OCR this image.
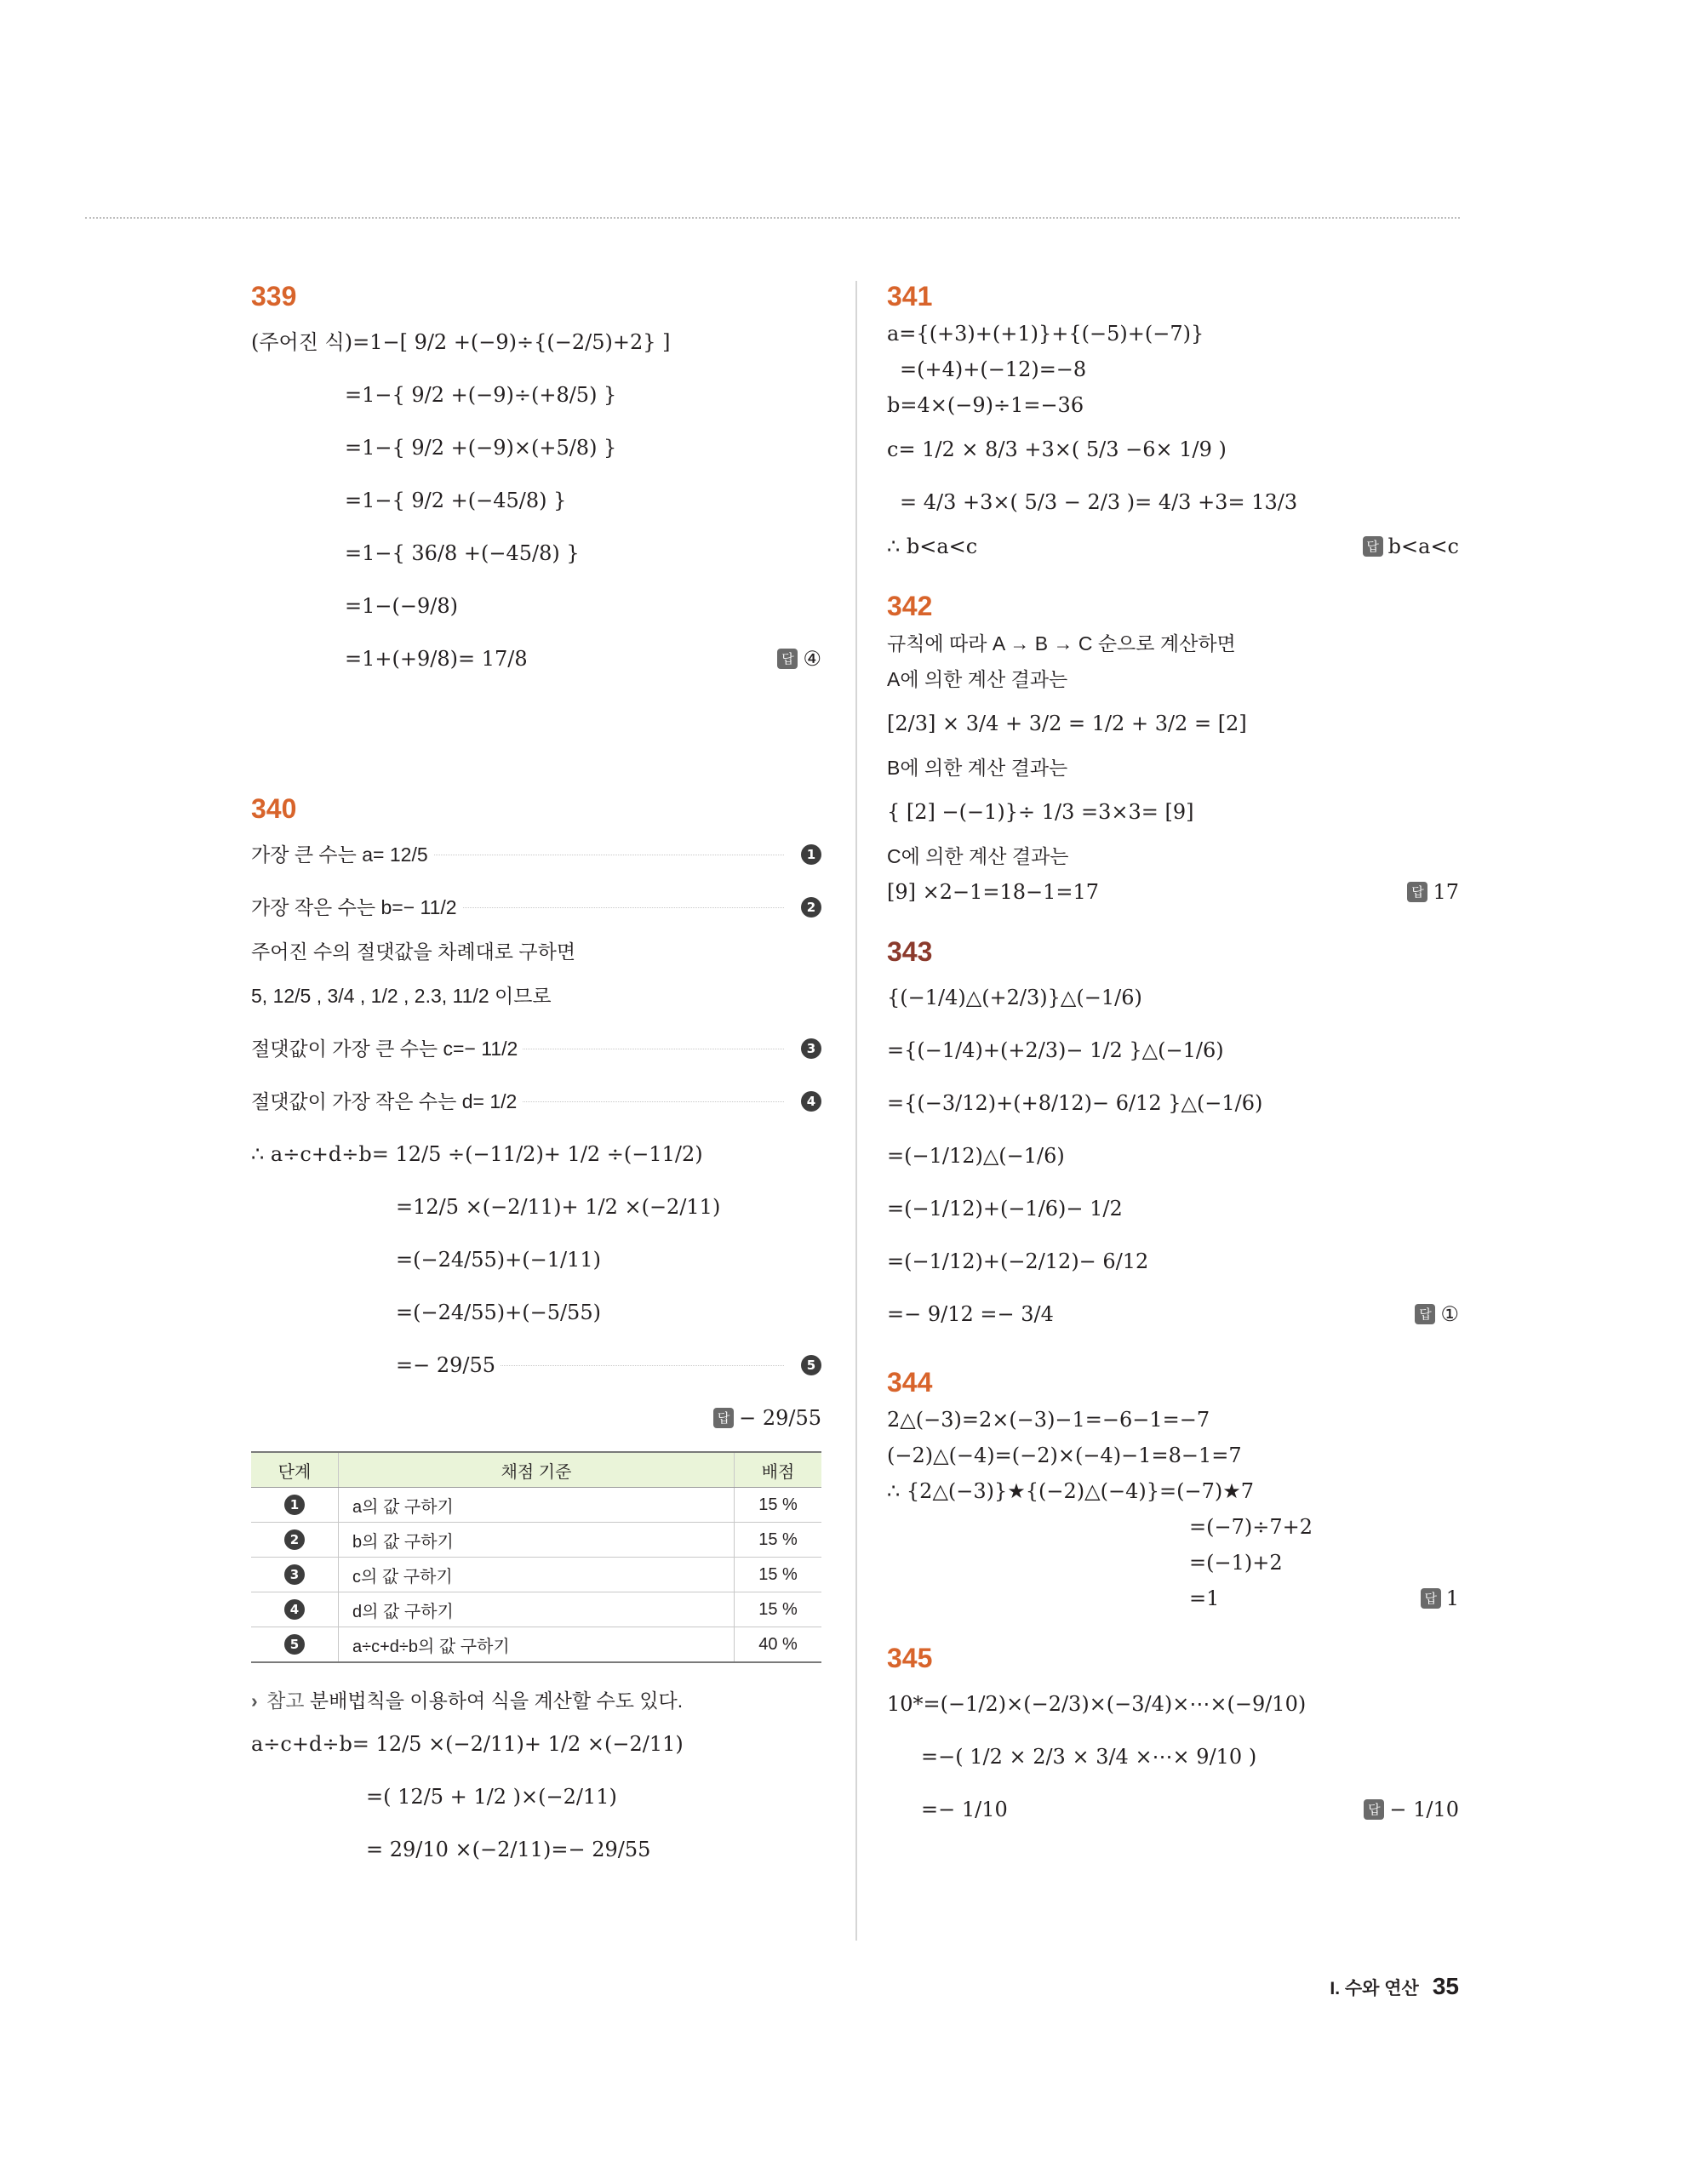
339
(주어진 식)=1−[ 9/2 +(−9)÷{(−2/5)+2} ]
=1−{ 9/2 +(−9)÷(+8/5) }
=1−{ 9/2 +(−9)×(+5/8) }
=1−{ 9/2 +(−45/8) }
=1−{ 36/8 +(−45/8) }
=1−(−9/8)
=1+(+9/8)= 17/8	답 ④
340
가장 큰 수는 a= 12/5	1
가장 작은 수는 b=− 11/2	2
주어진 수의 절댓값을 차례대로 구하면
5, 12/5 , 3/4 , 1/2 , 2.3, 11/2 이므로
절댓값이 가장 큰 수는 c=− 11/2	3
절댓값이 가장 작은 수는 d= 1/2	4
∴ a÷c+d÷b= 12/5 ÷(−11/2)+ 1/2 ÷(−11/2)
=12/5 ×(−2/11)+ 1/2 ×(−2/11)
=(−24/55)+(−1/11)
=(−24/55)+(−5/55)
=− 29/55	5
답 − 29/55
단계	채점 기준	배점
1	a의 값 구하기	15 %
2	b의 값 구하기	15 %
3	c의 값 구하기	15 %
4	d의 값 구하기	15 %
5	a÷c+d÷b의 값 구하기	40 %
› 참고 분배법칙을 이용하여 식을 계산할 수도 있다.
a÷c+d÷b= 12/5 ×(−2/11)+ 1/2 ×(−2/11)
=( 12/5 + 1/2 )×(−2/11)
= 29/10 ×(−2/11)=− 29/55
341
a={(+3)+(+1)}+{(−5)+(−7)}
=(+4)+(−12)=−8
b=4×(−9)÷1=−36
c= 1/2 × 8/3 +3×( 5/3 −6× 1/9 )
= 4/3 +3×( 5/3 − 2/3 )= 4/3 +3= 13/3
∴ b<a<c	답 b<a<c
342
규칙에 따라 A → B → C 순으로 계산하면
A에 의한 계산 결과는
[2/3] × 3/4 + 3/2 = 1/2 + 3/2 = [2]
B에 의한 계산 결과는
{ [2] −(−1)}÷ 1/3 =3×3= [9]
C에 의한 계산 결과는
[9] ×2−1=18−1=17	답 17
343
{(−1/4)△(+2/3)}△(−1/6)
={(−1/4)+(+2/3)− 1/2 }△(−1/6)
={(−3/12)+(+8/12)− 6/12 }△(−1/6)
=(−1/12)△(−1/6)
=(−1/12)+(−1/6)− 1/2
=(−1/12)+(−2/12)− 6/12
=− 9/12 =− 3/4	답 ①
344
2△(−3)=2×(−3)−1=−6−1=−7
(−2)△(−4)=(−2)×(−4)−1=8−1=7
∴ {2△(−3)}★{(−2)△(−4)}=(−7)★7
=(−7)÷7+2
=(−1)+2
=1	답 1
345
10*=(−1/2)×(−2/3)×(−3/4)×⋯×(−9/10)
=−( 1/2 × 2/3 × 3/4 ×⋯× 9/10 )
=− 1/10	답 − 1/10
I. 수와 연산 35
